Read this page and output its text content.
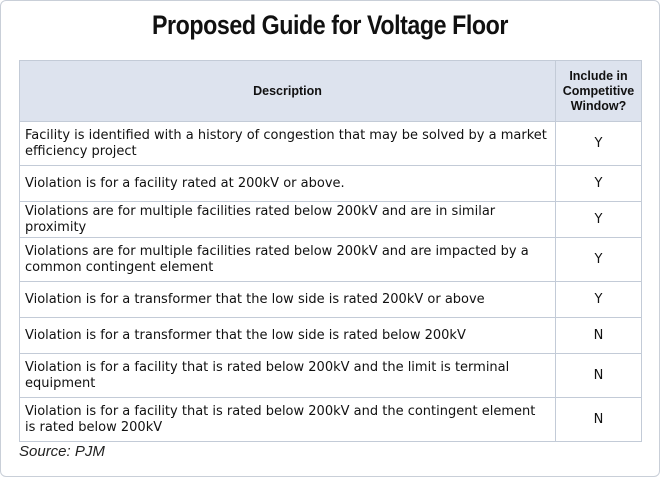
Proposed Guide for Voltage Floor
Description	Include in Competitive Window?
Facility is identified with a history of congestion that may be solved by a market efficiency project	Y
Violation is for a facility rated at 200kV or above.	Y
Violations are for multiple facilities rated below 200kV and are in similar proximity	Y
Violations are for multiple facilities rated below 200kV and are impacted by a common contingent element	Y
Violation is for a transformer that the low side is rated 200kV or above	Y
Violation is for a transformer that the low side is rated below 200kV	N
Violation is for a facility that is rated below 200kV and the limit is terminal equipment	N
Violation is for a facility that is rated below 200kV and the contingent element is rated below 200kV	N
Source: PJM
